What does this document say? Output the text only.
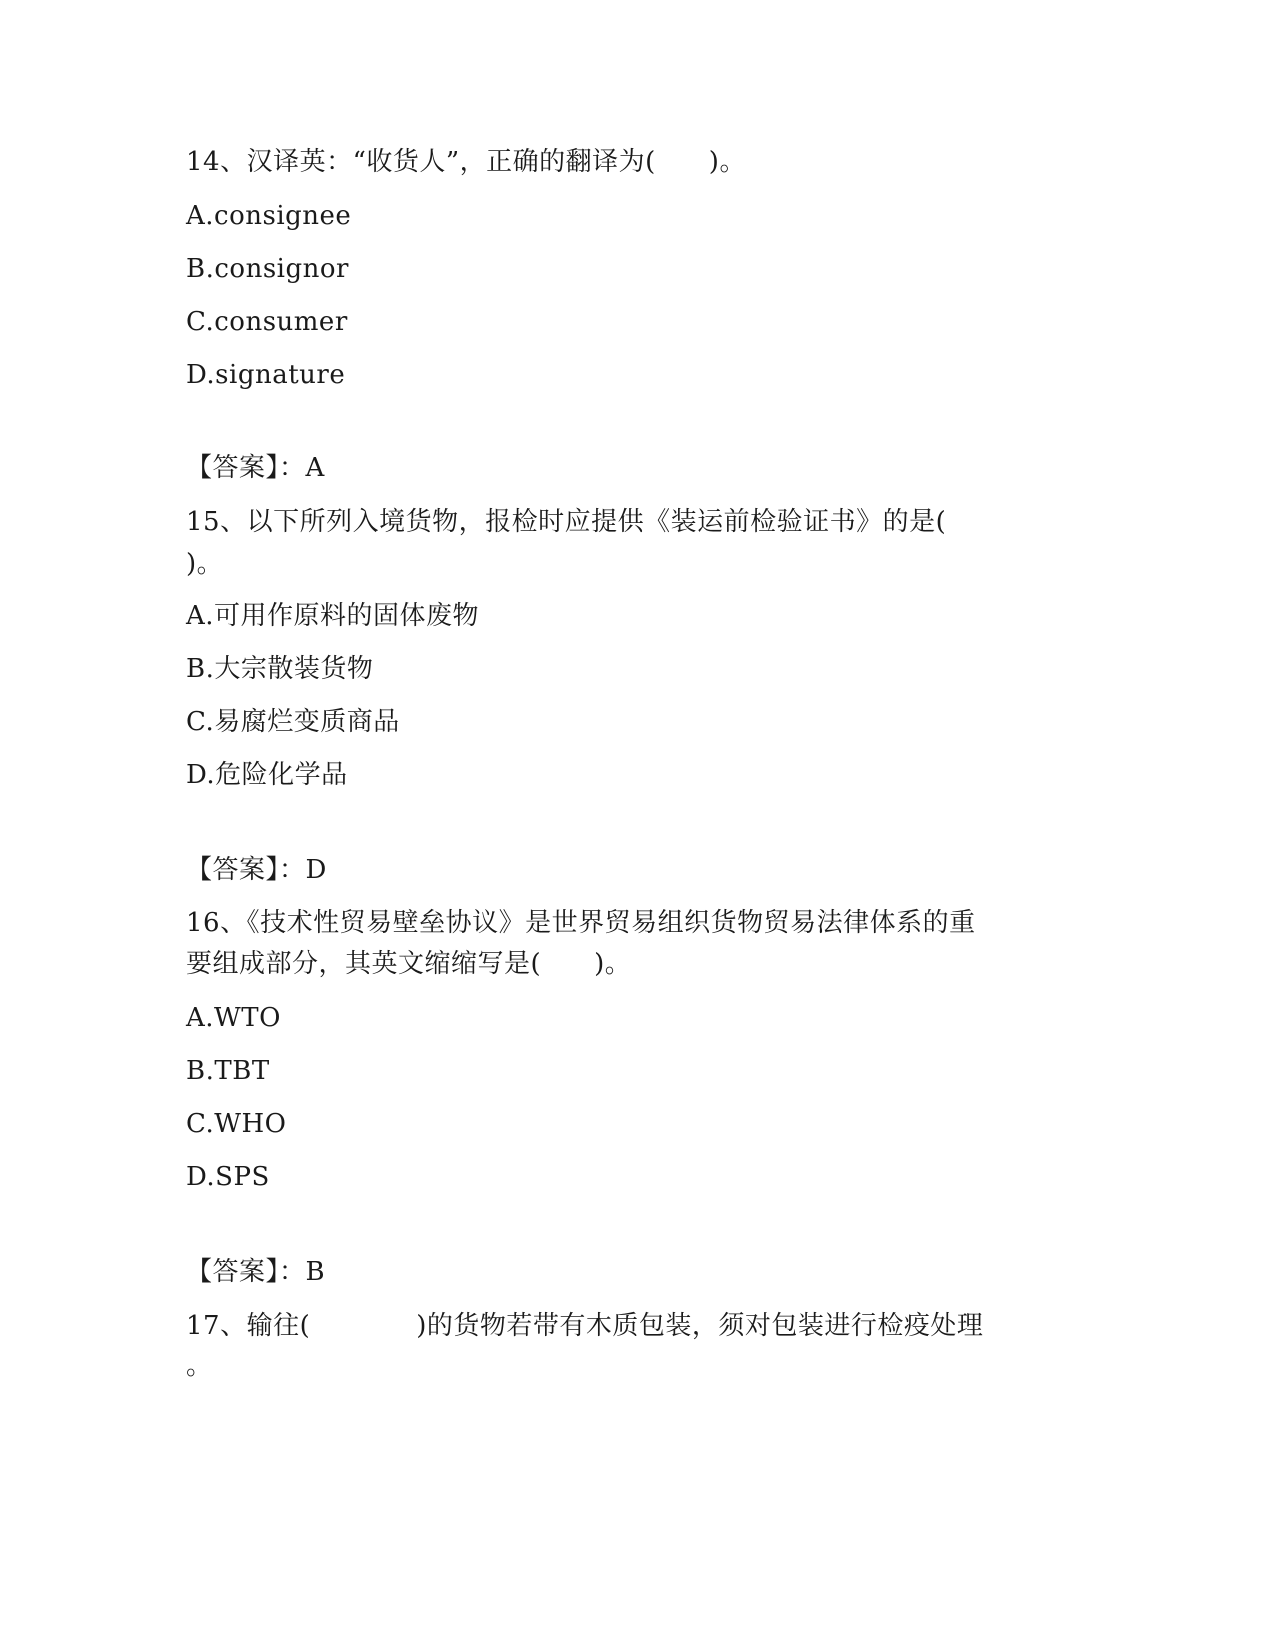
14、汉译英：“收货人”，正确的翻译为(　　)。
A.consignee
B.consignor
C.consumer
D.signature
【答案】：A
15、以下所列入境货物，报检时应提供《装运前检验证书》的是(
)。
A.可用作原料的固体废物
B.大宗散装货物
C.易腐烂变质商品
D.危险化学品
【答案】：D
16、《技术性贸易壁垒协议》是世界贸易组织货物贸易法律体系的重
要组成部分，其英文缩缩写是(　　)。
A.WTO
B.TBT
C.WHO
D.SPS
【答案】：B
17、输往(　　　　)的货物若带有木质包装，须对包装进行检疫处理
。
